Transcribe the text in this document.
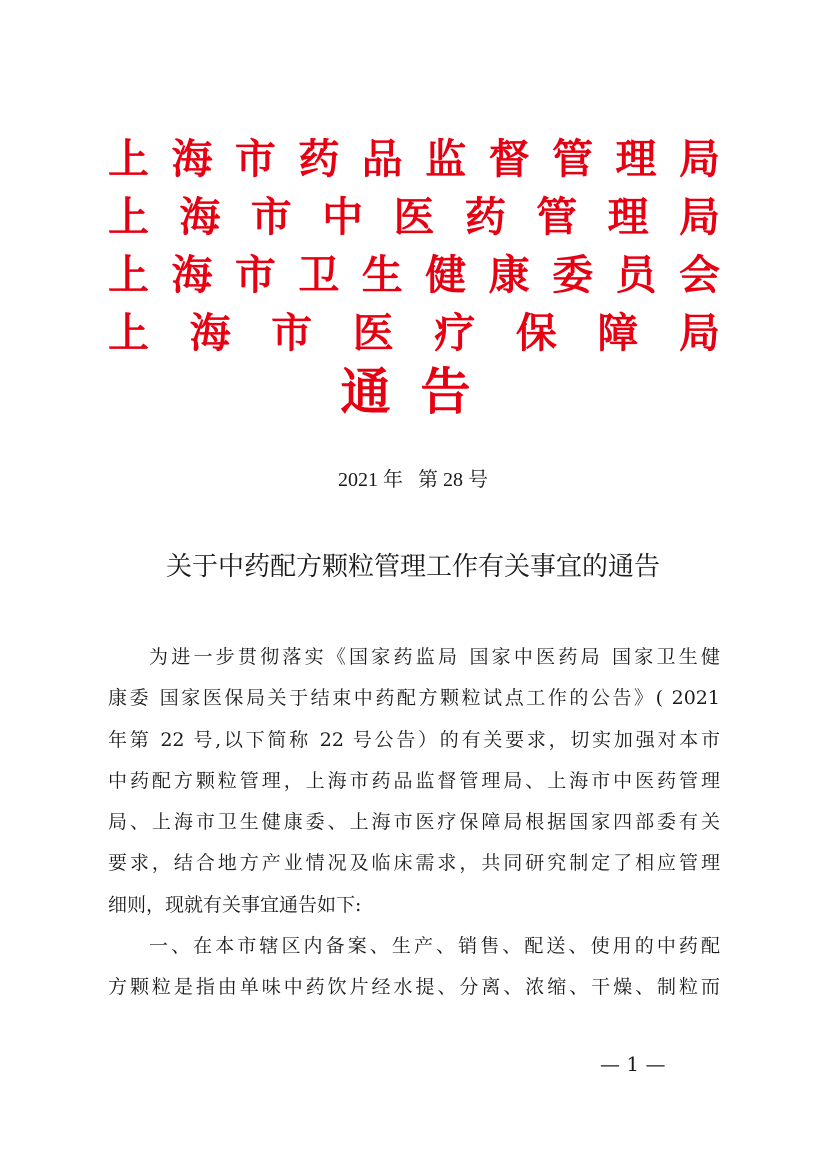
上 海 市 药 品 监 督 管 理 局
上 海 市 中 医 药 管 理 局
上 海 市 卫 生 健 康 委 员 会
上 海 市 医 疗 保 障 局
通告
2021 年   第 28 号
关于中药配方颗粒管理工作有关事宜的通告
为进一步贯彻落实《国家药监局 国家中医药局 国家卫生健
康委 国家医保局关于结束中药配方颗粒试点工作的公告》( 2021
年第 22 号,以下简称 22 号公告）的有关要求，切实加强对本市
中药配方颗粒管理，上海市药品监督管理局、上海市中医药管理
局、上海市卫生健康委、上海市医疗保障局根据国家四部委有关
要求，结合地方产业情况及临床需求，共同研究制定了相应管理
细则，现就有关事宜通告如下:
一、在本市辖区内备案、生产、销售、配送、使用的中药配
方颗粒是指由单味中药饮片经水提、分离、浓缩、干燥、制粒而
— 1 —
